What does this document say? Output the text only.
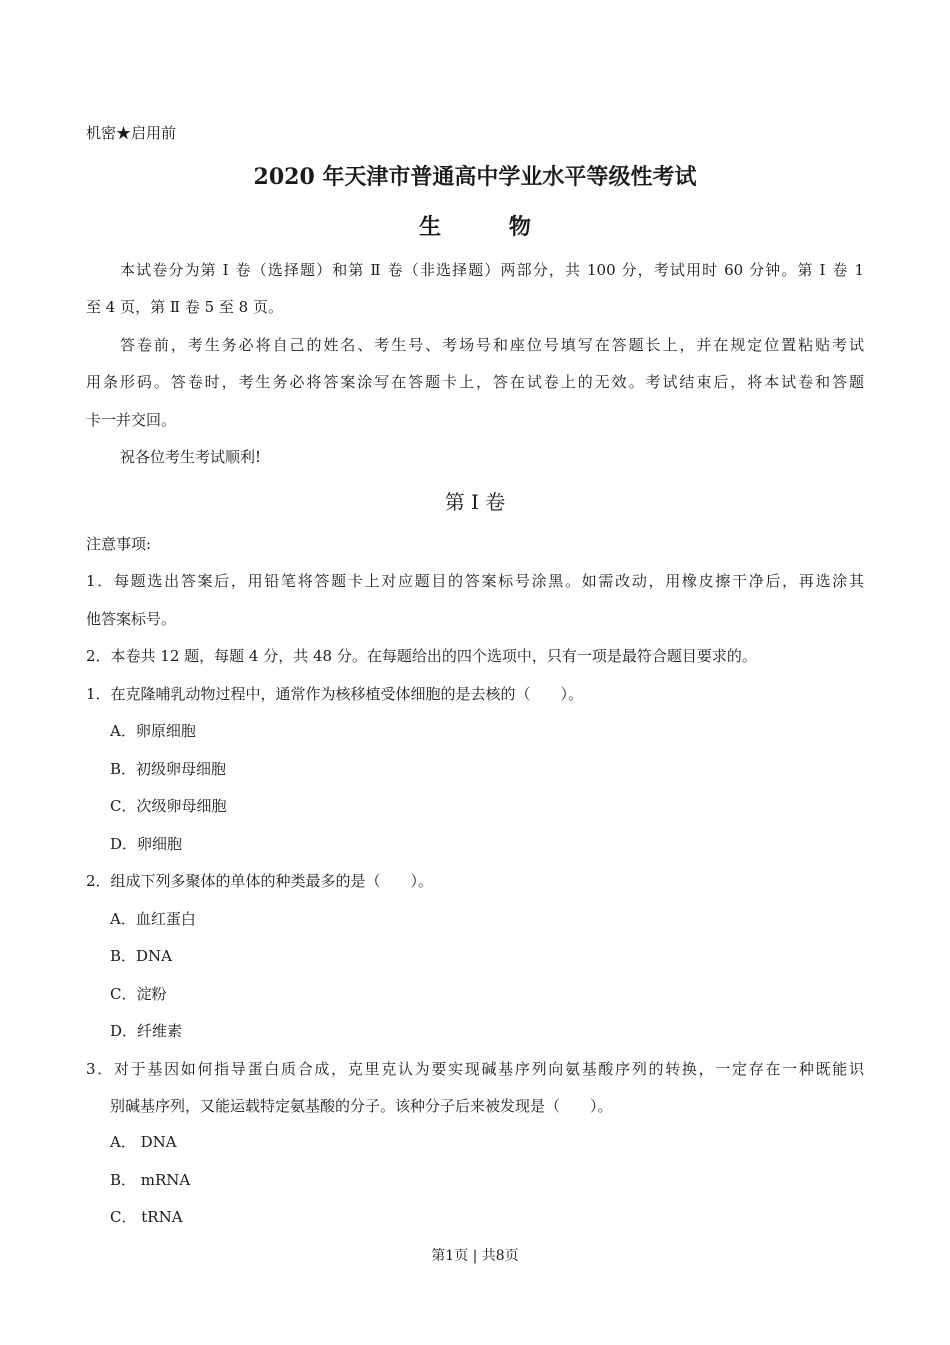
机密★启用前
2020 年天津市普通高中学业水平等级性考试
生 物
本试卷分为第 Ⅰ 卷（选择题）和第 Ⅱ 卷（非选择题）两部分，共 100 分，考试用时 60 分钟。第 Ⅰ 卷 1
至 4 页，第 Ⅱ 卷 5 至 8 页。
答卷前，考生务必将自己的姓名、考生号、考场号和座位号填写在答题长上，并在规定位置粘贴考试
用条形码。答卷时，考生务必将答案涂写在答题卡上，答在试卷上的无效。考试结束后，将本试卷和答题
卡一并交回。
祝各位考生考试顺利!
第 Ⅰ 卷
注意事项:
1．每题选出答案后，用铅笔将答题卡上对应题目的答案标号涂黑。如需改动，用橡皮擦干净后，再选涂其
他答案标号。
2．本卷共 12 题，每题 4 分，共 48 分。在每题给出的四个选项中，只有一项是最符合题目要求的。
1．在克隆哺乳动物过程中，通常作为核移植受体细胞的是去核的（　　）。
A．卵原细胞
B．初级卵母细胞
C．次级卵母细胞
D．卵细胞
2．组成下列多聚体的单体的种类最多的是（　　）。
A．血红蛋白
B．DNA
C．淀粉
D．纤维素
3．对于基因如何指导蛋白质合成，克里克认为要实现碱基序列向氨基酸序列的转换，一定存在一种既能识
别碱基序列，又能运载特定氨基酸的分子。该种分子后来被发现是（　　）。
A． DNA
B． mRNA
C． tRNA
第1页 | 共8页
